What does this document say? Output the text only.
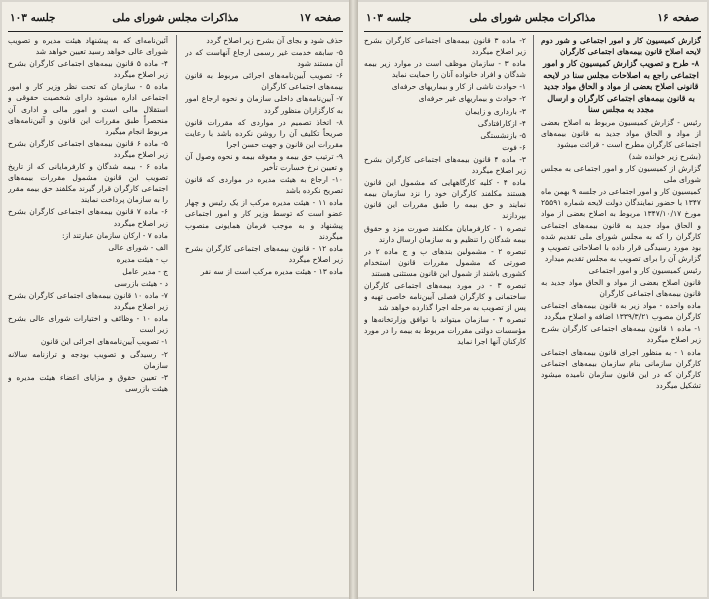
صفحه ۱۷
مذاکرات مجلس شورای ملی
جلسه ۱۰۳

حذف شود و بجای آن بشرح زیر اصلاح گردد

۵- سابقه خدمت غیر رسمی ارجاع آنهاست که در آن مستند شود

۶- تصویب آیین‌نامه‌های اجرائی مربوط به قانون بیمه‌های اجتماعی کارگران

۷- آیین‌نامه‌های داخلی سازمان و نحوه ارجاع امور به کارگزاران منظور گردد

۸- اتخاذ تصمیم در مواردی که مقررات قانون صریحاً تکلیف آن را روشن نکرده باشد با رعایت مقررات این قانون و جهت حسن اجرا

۹- ترتیب حق بیمه و معوقه بیمه و نحوه وصول آن و تعیین نرخ خسارت تأخیر

۱۰- ارجاع به هیئت مدیره در مواردی که قانون تصریح نکرده باشد

ماده ۱۱ - هیئت مدیره مرکب از یک رئیس و چهار عضو است که توسط وزیر کار و امور اجتماعی پیشنهاد و به موجب فرمان همایونی منصوب میگردند

ماده ۱۲ - قانون بیمه‌های اجتماعی کارگران بشرح زیر اصلاح میگردد

ماده ۱۳ - هیئت مدیره مرکب است از سه نفر

آئین‌نامه‌ای که به پیشنهاد هیئت مدیره و تصویب شورای عالی خواهد رسید تعیین خواهد شد

۴- ماده ۵ قانون بیمه‌های اجتماعی کارگران بشرح زیر اصلاح میگردد

ماده ۵ - سازمان که تحت نظر وزیر کار و امور اجتماعی اداره میشود دارای شخصیت حقوقی و استقلال مالی است و امور مالی و اداری آن منحصراً طبق مقررات این قانون و آئین‌نامه‌های مربوط انجام میگیرد

۵- ماده ۶ قانون بیمه‌های اجتماعی کارگران بشرح زیر اصلاح میگردد

ماده ۶ - بیمه شدگان و کارفرمایانی که از تاریخ تصویب این قانون مشمول مقررات بیمه‌های اجتماعی کارگران قرار گیرند مکلفند حق بیمه مقرر را به سازمان پرداخت نمایند

۶- ماده ۷ قانون بیمه‌های اجتماعی کارگران بشرح زیر اصلاح میگردد

ماده ۷ - ارکان سازمان عبارتند از:

الف - شورای عالی

ب - هیئت مدیره

ج - مدیر عامل

د - هیئت بازرسی

۷- ماده ۱۰ قانون بیمه‌های اجتماعی کارگران بشرح زیر اصلاح میگردد

ماده ۱۰ - وظائف و اختیارات شورای عالی بشرح زیر است

۱- تصویب آیین‌نامه‌های اجرائی این قانون

۲- رسیدگی و تصویب بودجه و ترازنامه سالانه سازمان

۳- تعیین حقوق و مزایای اعضاء هیئت مدیره و هیئت بازرسی

صفحه ۱۶
مذاکرات مجلس شورای ملی
جلسه ۱۰۳

گزارش کمیسیون کار و امور اجتماعی و شور دوم لایحه اصلاح قانون بیمه‌های اجتماعی کارگران

۸- طرح و تصویب گزارش کمیسیون کار و امور اجتماعی راجع به اصلاحات مجلس سنا در لایحه قانونی اصلاح بعضی از مواد و الحاق مواد جدید به قانون بیمه‌های اجتماعی کارگران و ارسال مجدد به مجلس سنا

رئیس - گزارش کمیسیون مربوط به اصلاح بعضی از مواد و الحاق مواد جدید به قانون بیمه‌های اجتماعی کارگران مطرح است - قرائت میشود

(بشرح زیر خوانده شد)

گزارش از کمیسیون کار و امور اجتماعی به مجلس شورای ملی

کمیسیون کار و امور اجتماعی در جلسه ۹ بهمن ماه ۱۳۴۷ با حضور نمایندگان دولت لایحه شماره ۲۵۵۹۱ مورخ ۱۳۴۷/۱۰/۱۷ مربوط به اصلاح بعضی از مواد و الحاق مواد جدید به قانون بیمه‌های اجتماعی کارگران را که به مجلس شورای ملی تقدیم شده بود مورد رسیدگی قرار داده با اصلاحاتی تصویب و گزارش آن را برای تصویب به مجلس تقدیم میدارد

رئیس کمیسیون کار و امور اجتماعی

قانون اصلاح بعضی از مواد و الحاق مواد جدید به قانون بیمه‌های اجتماعی کارگران

ماده واحده - مواد زیر به قانون بیمه‌های اجتماعی کارگران مصوب ۱۳۳۹/۳/۲۱ اضافه و اصلاح میگردد

۱- ماده ۱ قانون بیمه‌های اجتماعی کارگران بشرح زیر اصلاح میگردد

ماده ۱ - به منظور اجرای قانون بیمه‌های اجتماعی کارگران سازمانی بنام سازمان بیمه‌های اجتماعی کارگران که در این قانون سازمان نامیده میشود تشکیل میگردد

۲- ماده ۳ قانون بیمه‌های اجتماعی کارگران بشرح زیر اصلاح میگردد

ماده ۳ - سازمان موظف است در موارد زیر بیمه شدگان و افراد خانواده آنان را حمایت نماید

۱- حوادث ناشی از کار و بیماریهای حرفه‌ای

۲- حوادث و بیماریهای غیر حرفه‌ای

۳- بارداری و زایمان

۴- ازکارافتادگی

۵- بازنشستگی

۶- فوت

۳- ماده ۴ قانون بیمه‌های اجتماعی کارگران بشرح زیر اصلاح میگردد

ماده ۴ - کلیه کارگاههایی که مشمول این قانون هستند مکلفند کارگران خود را نزد سازمان بیمه نمایند و حق بیمه را طبق مقررات این قانون بپردازند

تبصره ۱ - کارفرمایان مکلفند صورت مزد و حقوق بیمه شدگان را تنظیم و به سازمان ارسال دارند

تبصره ۲ - مشمولین بندهای ب و ج ماده ۲ در صورتی که مشمول مقررات قانون استخدام کشوری باشند از شمول این قانون مستثنی هستند

تبصره ۳ - در مورد بیمه‌های اجتماعی کارگران ساختمانی و کارگران فصلی آیین‌نامه خاصی تهیه و پس از تصویب به مرحله اجرا گذارده خواهد شد

تبصره ۴ - سازمان میتواند با توافق وزارتخانه‌ها و مؤسسات دولتی مقررات مربوط به بیمه را در مورد کارکنان آنها اجرا نماید
